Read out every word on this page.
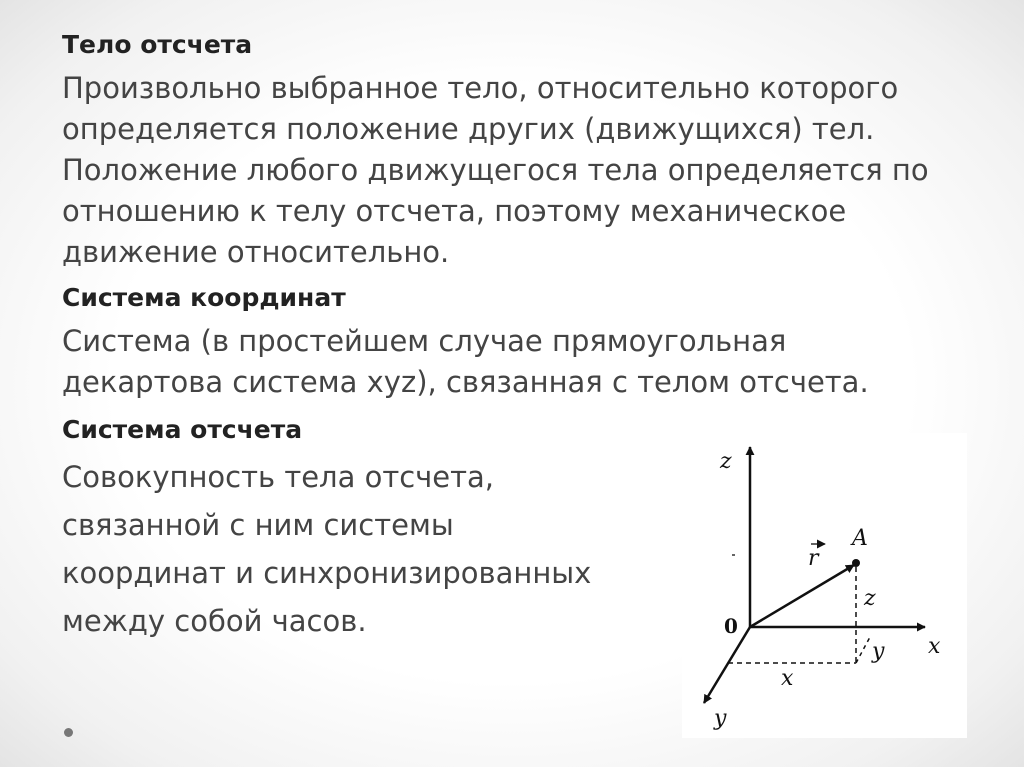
Тело отсчета

Произвольно выбранное тело, относительно которого определяется положение других (движущихся) тел. Положение любого движущегося тела определяется по отношению к телу отсчета, поэтому механическое движение относительно.

Система координат

Система (в простейшем случае прямоугольная декартова система xyz), связанная с телом отсчета.

Система отсчета

Совокупность тела отсчета,
связанной с ним системы
координат и синхронизированных
между собой часов.

z
x
y
0
A
r
z
x
y
